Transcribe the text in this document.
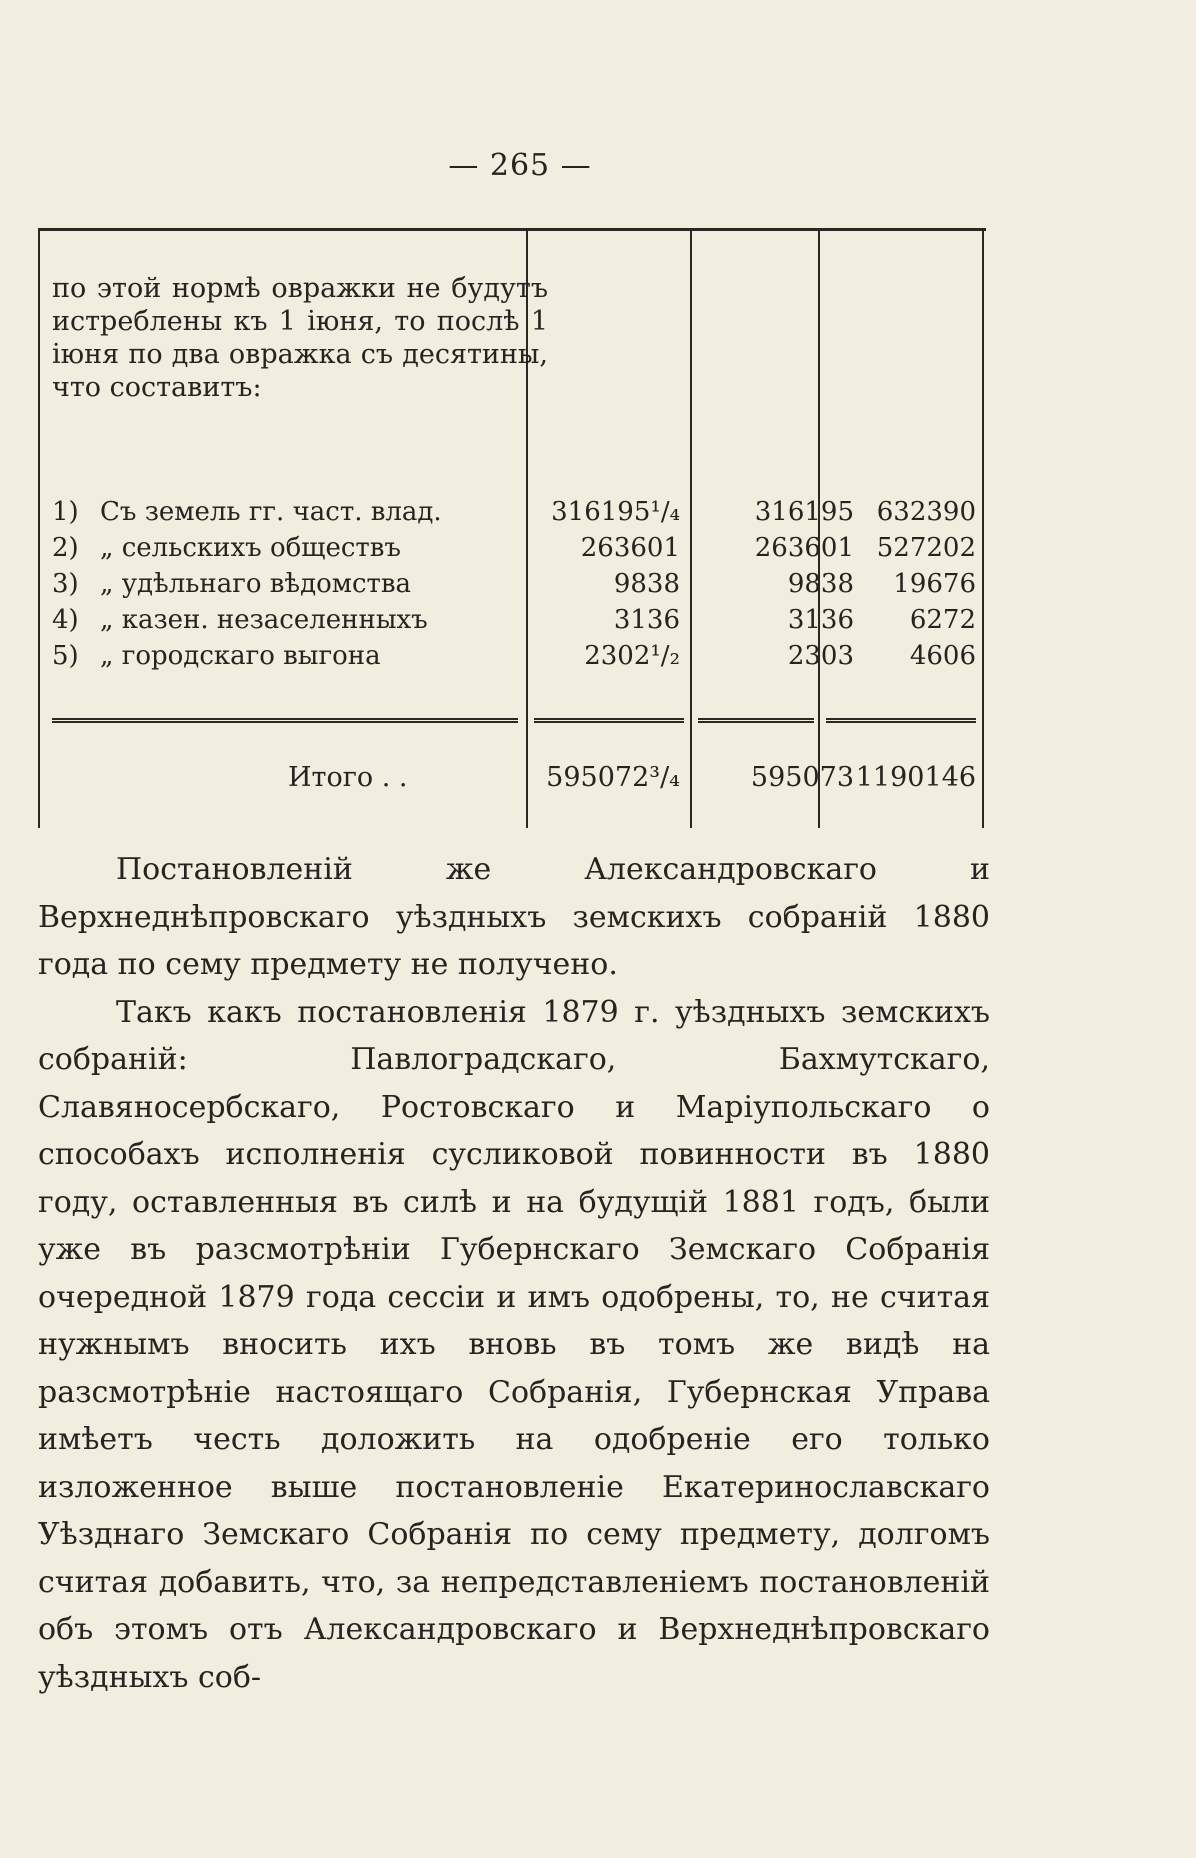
— 265 —
по этой нормѣ овражки не будутъ истреблены къ 1 іюня, то послѣ 1 іюня по два овражка съ десятины, что составитъ:
1) Съ земель гг. част. влад.	316195¹/₄	316195 632390
2) „ сельскихъ обществъ	263601	263601 527202
3) „ удѣльнаго вѣдомства	9838	9838	19676
4) „ казен. незаселенныхъ	3136	3136	6272
5) „ городскаго выгона	2302¹/₂	2303	4606
Итого . .	595072³/₄	595073 1190146

Постановленій же Александровскаго и Верхнеднѣпровскаго уѣздныхъ земскихъ собраній 1880 года по сему предмету не получено.

Такъ какъ постановленія 1879 г. уѣздныхъ земскихъ собраній: Павлоградскаго, Бахмутскаго, Славяносербскаго, Ростовскаго и Маріупольскаго о способахъ исполненія сусликовой повинности въ 1880 году, оставленныя въ силѣ и на будущій 1881 годъ, были уже въ разсмотрѣніи Губернскаго Земскаго Собранія очередной 1879 года сессіи и имъ одобрены, то, не считая нужнымъ вносить ихъ вновь въ томъ же видѣ на разсмотрѣніе настоящаго Собранія, Губернская Управа имѣетъ честь доложить на одобреніе его только изложенное выше постановленіе Екатеринославскаго Уѣзднаго Земскаго Собранія по сему предмету, долгомъ считая добавить, что, за непредставленіемъ постановленій объ этомъ отъ Александровскаго и Верхнеднѣпровскаго уѣздныхъ соб-
